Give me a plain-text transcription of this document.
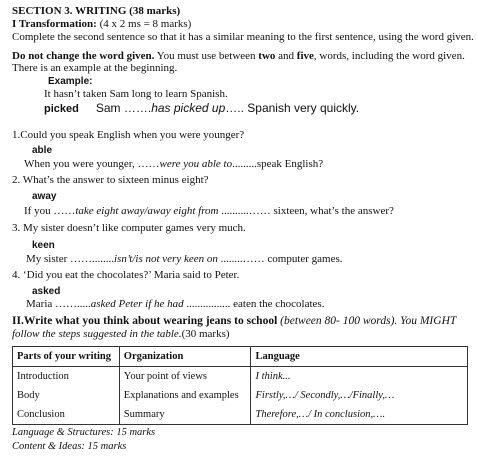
SECTION 3. WRITING (38 marks)
I Transformation: (4 x 2 ms = 8 marks)
Complete the second sentence so that it has a similar meaning to the first sentence, using the word given.
Do not change the word given. You must use between two and five, words, including the word given.
There is an example at the beginning.
Example:
It hasn’t taken Sam long to learn Spanish.
picked Sam …….has picked up….. Spanish very quickly.
1.Could you speak English when you were younger?
able
When you were younger, ……were you able to.........speak English?
2. What’s the answer to sixteen minus eight?
away
If you ……take eight away/away eight from ..........…… sixteen, what’s the answer?
3. My sister doesn’t like computer games very much.
keen
My sister ……........isn’t/is not very keen on ........…… computer games.
4. ‘Did you eat the chocolates?’ Maria said to Peter.
asked
Maria …….....asked Peter if he had ................ eaten the chocolates.
II.Write what you think about wearing jeans to school (between 80- 100 words). You MIGHT
follow the steps suggested in the table.(30 marks)
Parts of your writing	Organization	Language
Introduction	Your point of views	I think...
Body	Explanations and examples	Firstly,…/ Secondly,…/Finally,…
Conclusion	Summary	Therefore,…/ In conclusion,….
Language & Structures: 15 marks
Content & Ideas: 15 marks
